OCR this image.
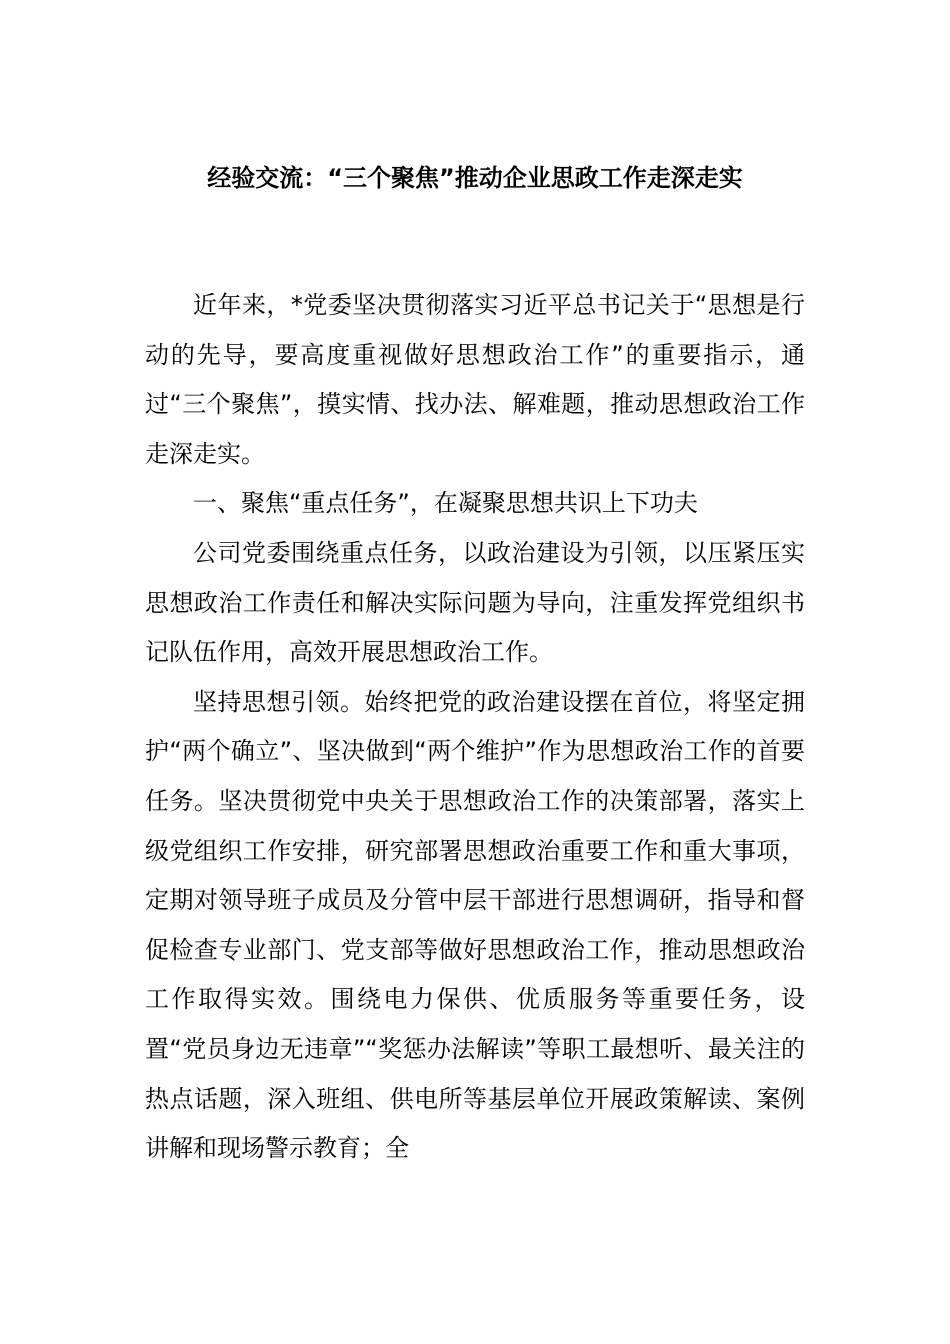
经验交流：“三个聚焦”推动企业思政工作走深走实

近年来，*党委坚决贯彻落实习近平总书记关于“思想是行动的先导，要高度重视做好思想政治工作”的重要指示，通过“三个聚焦”，摸实情、找办法、解难题，推动思想政治工作走深走实。

一、聚焦“重点任务”，在凝聚思想共识上下功夫

公司党委围绕重点任务，以政治建设为引领，以压紧压实思想政治工作责任和解决实际问题为导向，注重发挥党组织书记队伍作用，高效开展思想政治工作。

坚持思想引领。始终把党的政治建设摆在首位，将坚定拥护“两个确立”、坚决做到“两个维护”作为思想政治工作的首要任务。坚决贯彻党中央关于思想政治工作的决策部署，落实上级党组织工作安排，研究部署思想政治重要工作和重大事项，定期对领导班子成员及分管中层干部进行思想调研，指导和督促检查专业部门、党支部等做好思想政治工作，推动思想政治工作取得实效。围绕电力保供、优质服务等重要任务，设置“党员身边无违章”“奖惩办法解读”等职工最想听、最关注的热点话题，深入班组、供电所等基层单位开展政策解读、案例讲解和现场警示教育；全
